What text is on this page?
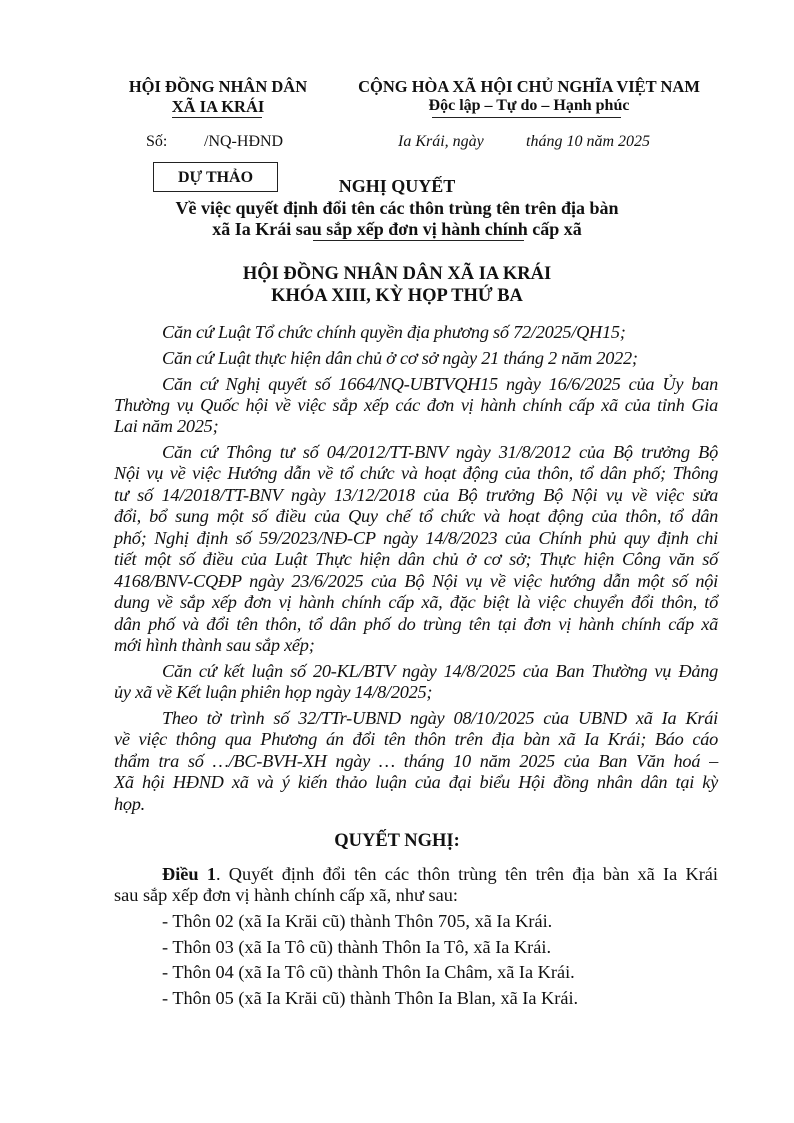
HỘI ĐỒNG NHÂN DÂN
XÃ IA KRÁI
CỘNG HÒA XÃ HỘI CHỦ NGHĨA VIỆT NAM
Độc lập – Tự do – Hạnh phúc
Số: /NQ-HĐND	Ia Krái, ngày	tháng 10 năm 2025
DỰ THẢO	NGHỊ QUYẾT
Về việc quyết định đổi tên các thôn trùng tên trên địa bàn
xã Ia Krái sau sắp xếp đơn vị hành chính cấp xã
HỘI ĐỒNG NHÂN DÂN XÃ IA KRÁI
KHÓA XIII, KỲ HỌP THỨ BA
Căn cứ Luật Tổ chức chính quyền địa phương số 72/2025/QH15;
Căn cứ Luật thực hiện dân chủ ở cơ sở ngày 21 tháng 2 năm 2022;
Căn cứ Nghị quyết số 1664/NQ-UBTVQH15 ngày 16/6/2025 của Ủy ban
Thường vụ Quốc hội về việc sắp xếp các đơn vị hành chính cấp xã của tỉnh Gia
Lai năm 2025;
Căn cứ Thông tư số 04/2012/TT-BNV ngày 31/8/2012 của Bộ trưởng Bộ
Nội vụ về việc Hướng dẫn về tổ chức và hoạt động của thôn, tổ dân phố; Thông
tư số 14/2018/TT-BNV ngày 13/12/2018 của Bộ trưởng Bộ Nội vụ về việc sửa
đổi, bổ sung một số điều của Quy chế tổ chức và hoạt động của thôn, tổ dân
phố; Nghị định số 59/2023/NĐ-CP ngày 14/8/2023 của Chính phủ quy định chi
tiết một số điều của Luật Thực hiện dân chủ ở cơ sở; Thực hiện Công văn số
4168/BNV-CQĐP ngày 23/6/2025 của Bộ Nội vụ về việc hướng dẫn một số nội
dung về sắp xếp đơn vị hành chính cấp xã, đặc biệt là việc chuyển đổi thôn, tổ
dân phố và đổi tên thôn, tổ dân phố do trùng tên tại đơn vị hành chính cấp xã
mới hình thành sau sắp xếp;
Căn cứ kết luận số 20-KL/BTV ngày 14/8/2025 của Ban Thường vụ Đảng
ủy xã về Kết luận phiên họp ngày 14/8/2025;
Theo tờ trình số 32/TTr-UBND ngày 08/10/2025 của UBND xã Ia Krái
về việc thông qua Phương án đổi tên thôn trên địa bàn xã Ia Krái; Báo cáo
thẩm tra số …/BC-BVH-XH ngày … tháng 10 năm 2025 của Ban Văn hoá –
Xã hội HĐND xã và ý kiến thảo luận của đại biểu Hội đồng nhân dân tại kỳ
họp.
QUYẾT NGHỊ:
Điều 1. Quyết định đổi tên các thôn trùng tên trên địa bàn xã Ia Krái
sau sắp xếp đơn vị hành chính cấp xã, như sau:
- Thôn 02 (xã Ia Krăi cũ) thành Thôn 705, xã Ia Krái.
- Thôn 03 (xã Ia Tô cũ) thành Thôn Ia Tô, xã Ia Krái.
- Thôn 04 (xã Ia Tô cũ) thành Thôn Ia Châm, xã Ia Krái.
- Thôn 05 (xã Ia Krăi cũ) thành Thôn Ia Blan, xã Ia Krái.
